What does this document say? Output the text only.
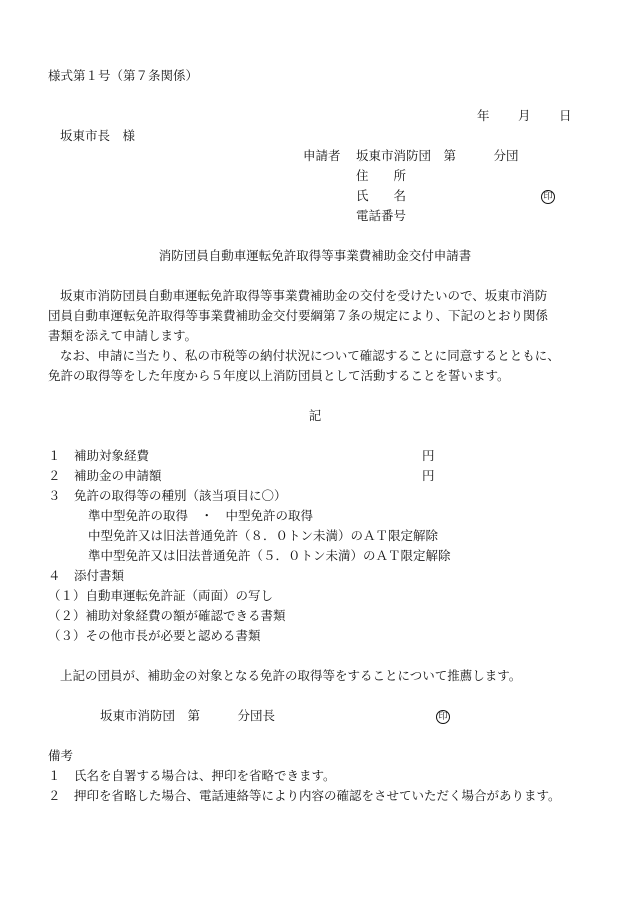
様式第１号（第７条関係）
年 月 日
坂東市長　様
申請者 坂東市消防団　第　　　分団
住　　所
氏　　名	印
電話番号
消防団員自動車運転免許取得等事業費補助金交付申請書
坂東市消防団員自動車運転免許取得等事業費補助金の交付を受けたいので、坂東市消防
団員自動車運転免許取得等事業費補助金交付要綱第７条の規定により、下記のとおり関係
書類を添えて申請します。
なお、申請に当たり、私の市税等の納付状況について確認することに同意するとともに、
免許の取得等をした年度から５年度以上消防団員として活動することを誓います。
記
１ 補助対象経費	円
２ 補助金の申請額	円
３ 免許の取得等の種別（該当項目に〇）
準中型免許の取得　・　中型免許の取得
中型免許又は旧法普通免許（８．０トン未満）のＡＴ限定解除
準中型免許又は旧法普通免許（５．０トン未満）のＡＴ限定解除
４ 添付書類
（１）自動車運転免許証（両面）の写し
（２）補助対象経費の額が確認できる書類
（３）その他市長が必要と認める書類
上記の団員が、補助金の対象となる免許の取得等をすることについて推薦します。
坂東市消防団　第　　　分団長	印
備考
１ 氏名を自署する場合は、押印を省略できます。
２ 押印を省略した場合、電話連絡等により内容の確認をさせていただく場合があります。
